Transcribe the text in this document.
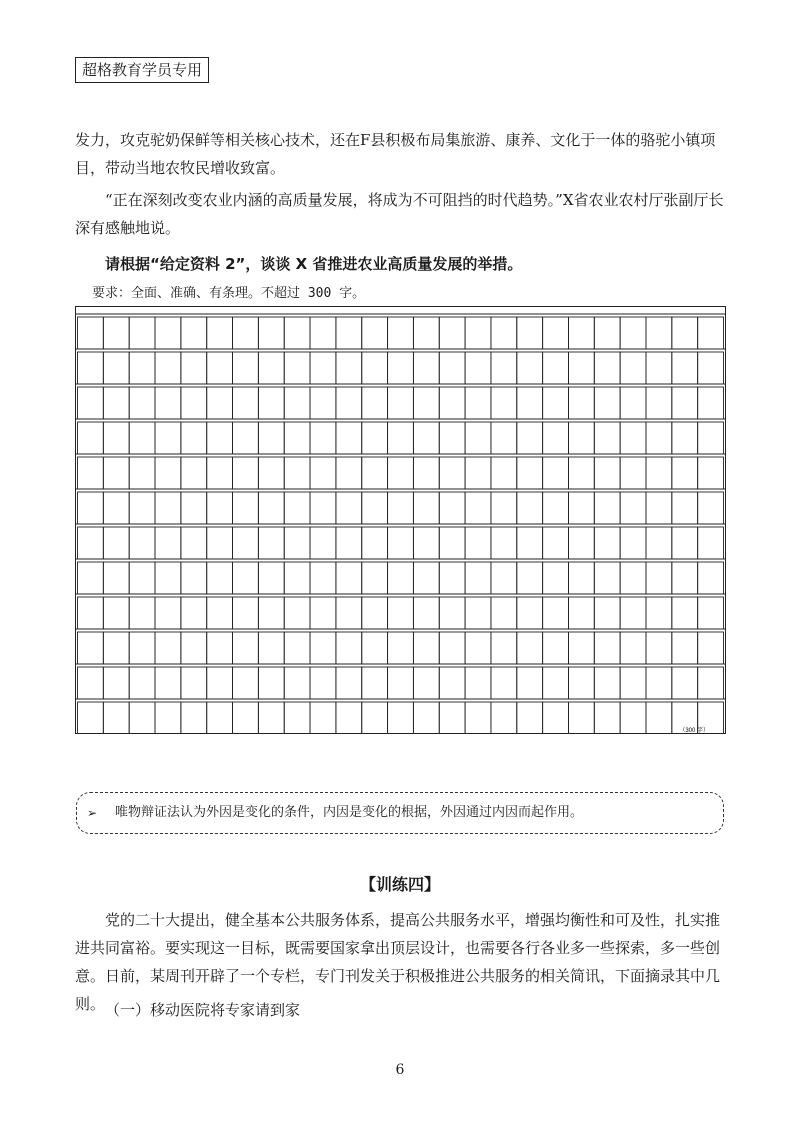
超格教育学员专用

发力，攻克驼奶保鲜等相关核心技术，还在F县积极布局集旅游、康养、文化于一体的骆驼小镇项目，带动当地农牧民增收致富。

“正在深刻改变农业内涵的高质量发展，将成为不可阻挡的时代趋势。”X省农业农村厅张副厅长深有感触地说。

请根据“给定资料 2”，谈谈 X 省推进农业高质量发展的举措。

要求：全面、准确、有条理。不超过 300 字。
（300 字）
➢ 唯物辩证法认为外因是变化的条件，内因是变化的根据，外因通过内因而起作用。
【训练四】

党的二十大提出，健全基本公共服务体系，提高公共服务水平，增强均衡性和可及性，扎实推进共同富裕。要实现这一目标，既需要国家拿出顶层设计，也需要各行各业多一些探索，多一些创意。日前，某周刊开辟了一个专栏，专门刊发关于积极推进公共服务的相关简讯，下面摘录其中几则。 （一）移动医院将专家请到家

6
